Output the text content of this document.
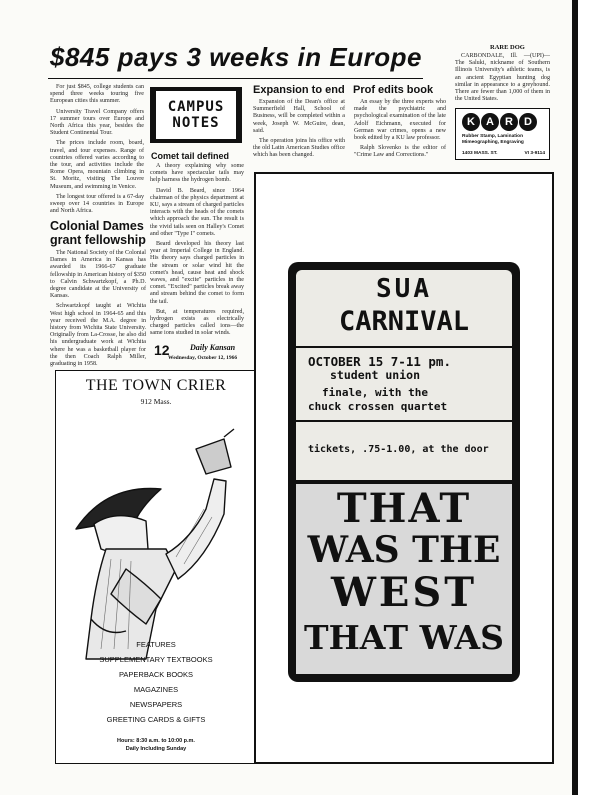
$845 pays 3 weeks in Europe

For just $845, college students can spend three weeks touring five European cities this summer.

University Travel Company offers 17 summer tours over Europe and North Africa this year, besides the Student Continental Tour.

The prices include room, board, travel, and tour expenses. Range of countries offered varies according to the tour, and activities include the Rome Opera, mountain climbing in St. Moritz, visiting The Louvre Museum, and swimming in Venice.

The longest tour offered is a 67-day sweep over 14 countries in Europe and North Africa.

Colonial Dames grant fellowship

The National Society of the Colonial Dames in America in Kansas has awarded its 1966-67 graduate fellowship in American history of $350 to Calvin Schwartzkopf, a Ph.D. degree candidate at the University of Kansas.

Schwartzkopf taught at Wichita West high school in 1964-65 and this year received the M.A. degree in history from Wichita State University. Originally from La-Crosse, he also did his undergraduate work at Wichita where he was a basketball player for the then Coach Ralph Miller, graduating in 1958.

CAMPUS
NOTES

Comet tail defined

A theory explaining why some comets have spectacular tails may help harness the hydrogen bomb.

David B. Beard, since 1964 chairman of the physics department at KU, says a stream of charged particles interacts with the heads of the comets which approach the sun. The result is the vivid tails seen on Halley's Comet and other "Type I" comets.

Beard developed his theory last year at Imperial College in England. His theory says charged particles in the stream or solar wind hit the comet's head, cause heat and shock waves, and "excite" particles in the comet. "Excited" particles break away and stream behind the comet to form the tail.

But, at temperatures required, hydrogen exists as electrically charged particles called ions—the same ions studied in solar winds.

Expansion to end

Expansion of the Dean's office at Summerfield Hall, School of Business, will be completed within a week, Joseph W. McGuire, dean, said.

The operation joins his office with the old Latin American Studies office which has been changed.

Prof edits book

An essay by the three experts who made the psychiatric and psychological examination of the late Adolf Eichmann, executed for German war crimes, opens a new book edited by a KU law professor.

Ralph Slovenko is the editor of "Crime Law and Corrections."

RARE DOG

CARBONDALE, Ill. —(UPI)— The Saluki, nickname of Southern Illinois University's athletic teams, is an ancient Egyptian hunting dog similar in appearance to a greyhound. There are fewer than 1,000 of them in the United States.

K	A	R	D
Rubber Stamp, Lamination
Mimeographing, Engraving
1403 MASS. ST.	VI 3-9114
12	Daily Kansan
Wednesday, October 12, 1966
THE TOWN CRIER
912 Mass.
FEATURES
SUPPLEMENTARY TEXTBOOKS
PAPERBACK BOOKS
MAGAZINES
NEWSPAPERS
GREETING CARDS & GIFTS
Hours: 8:30 a.m. to 10:00 p.m.
Daily Including Sunday
SUA
CARNIVAL
OCTOBER 15 7-11 pm.
student union
finale, with the
chuck crossen quartet
tickets, .75-1.00, at the door
THAT
WAS THE
WEST
THAT WAS
